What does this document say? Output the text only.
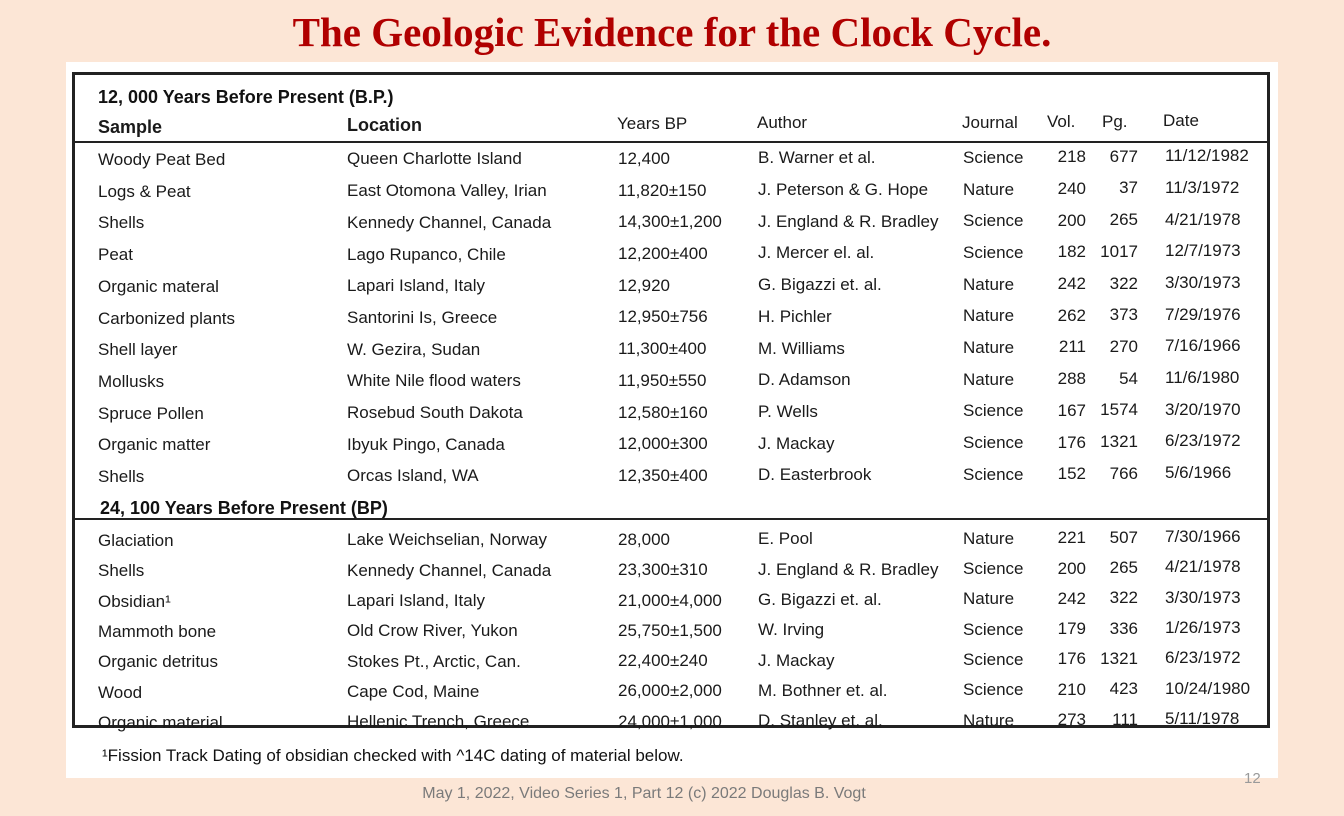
The Geologic Evidence for the Clock Cycle.
12, 000 Years Before Present (B.P.)
Sample	Location	Years BP	Author	Journal Vol. Pg. Date
Woody Peat Bed	Queen Charlotte Island	12,400	B. Warner et al.	Science	218	677 11/12/1982
Logs & Peat	East Otomona Valley, Irian	11,820±150	J. Peterson & G. Hope Nature	240	37 11/3/1972
Shells	Kennedy Channel, Canada	14,300±1,200 J. England & R. Bradley Science	200	265 4/21/1978
Peat	Lago Rupanco, Chile	12,200±400	J. Mercer el. al.	Science	182 1017 12/7/1973
Organic materal	Lapari Island, Italy	12,920	G. Bigazzi et. al.	Nature	242	322 3/30/1973
Carbonized plants	Santorini Is, Greece	12,950±756	H. Pichler	Nature	262	373 7/29/1976
Shell layer	W. Gezira, Sudan	11,300±400	M. Williams	Nature	211	270 7/16/1966
Mollusks	White Nile flood waters	11,950±550	D. Adamson	Nature	288	54 11/6/1980
Spruce Pollen	Rosebud South Dakota	12,580±160	P. Wells	Science	167 1574 3/20/1970
Organic matter	Ibyuk Pingo, Canada	12,000±300	J. Mackay	Science	176 1321 6/23/1972
Shells	Orcas Island, WA	12,350±400	D. Easterbrook	Science	152	766 5/6/1966
24, 100 Years Before Present (BP)
Glaciation	Lake Weichselian, Norway	28,000	E. Pool	Nature	221	507 7/30/1966
Shells	Kennedy Channel, Canada	23,300±310	J. England & R. Bradley Science	200	265 4/21/1978
Obsidian¹	Lapari Island, Italy	21,000±4,000 G. Bigazzi et. al.	Nature	242	322 3/30/1973
Mammoth bone	Old Crow River, Yukon	25,750±1,500 W. Irving	Science	179	336 1/26/1973
Organic detritus	Stokes Pt., Arctic, Can.	22,400±240	J. Mackay	Science	176 1321 6/23/1972
Wood	Cape Cod, Maine	26,000±2,000 M. Bothner et. al.	Science	210	423 10/24/1980
Organic material	Hellenic Trench, Greece	24,000±1,000 D. Stanley et. al.	Nature	273	111 5/11/1978
¹Fission Track Dating of obsidian checked with ^14C dating of material below.
May 1, 2022, Video Series 1, Part 12 (c) 2022 Douglas B. Vogt
12
